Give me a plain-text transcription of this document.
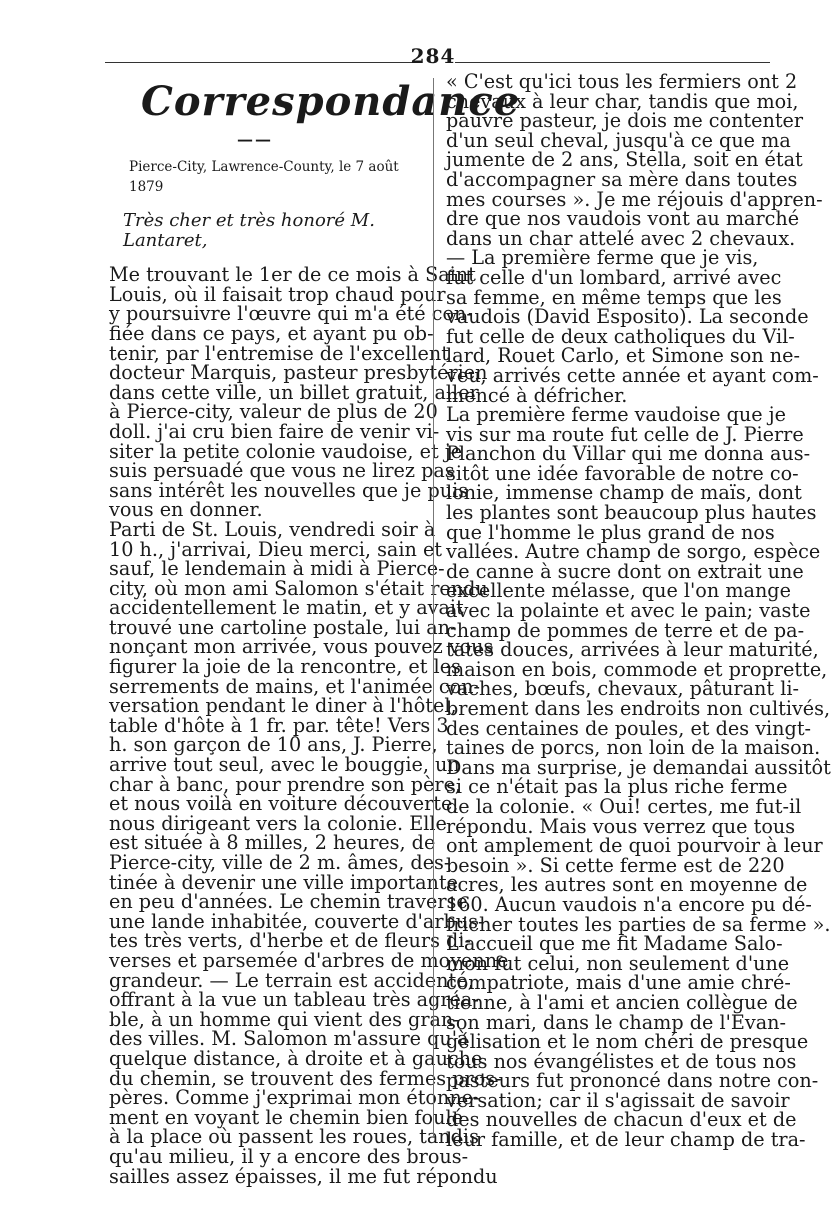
284
Correspondance
——
Pierce-City, Lawrence-County, le 7 août 1879
Très cher et très honoré M. Lantaret,
Me trouvant le 1er de ce mois à Saint
Louis, où il faisait trop chaud pour
y poursuivre l'œuvre qui m'a été con-
fiée dans ce pays, et ayant pu ob-
tenir, par l'entremise de l'excellent
docteur Marquis, pasteur presbytérien
dans cette ville, un billet gratuit, aller
à Pierce-city, valeur de plus de 20
doll. j'ai cru bien faire de venir vi-
siter la petite colonie vaudoise, et je
suis persuadé que vous ne lirez pas
sans intérêt les nouvelles que je puis
vous en donner.
Parti de St. Louis, vendredi soir à
10 h., j'arrivai, Dieu merci, sain et
sauf, le lendemain à midi à Pierce-
city, où mon ami Salomon s'était rendu
accidentellement le matin, et y avait
trouvé une cartoline postale, lui an-
nonçant mon arrivée, vous pouvez vous
figurer la joie de la rencontre, et les
serrements de mains, et l'animée con-
versation pendant le diner à l'hôtel,
table d'hôte à 1 fr. par. tête! Vers 3
h. son garçon de 10 ans, J. Pierre,
arrive tout seul, avec le bouggie, un
char à banc, pour prendre son père,
et nous voilà en voiture découverte,
nous dirigeant vers la colonie. Elle
est située à 8 milles, 2 heures, de
Pierce-city, ville de 2 m. âmes, des-
tinée à devenir une ville importante
en peu d'années. Le chemin traverse
une lande inhabitée, couverte d'arbus-
tes très verts, d'herbe et de fleurs di-
verses et parsemée d'arbres de moyenne
grandeur. — Le terrain est accidenté,
offrant à la vue un tableau très agréa-
ble, à un homme qui vient des gran-
des villes. M. Salomon m'assure qu'à
quelque distance, à droite et à gauche
du chemin, se trouvent des fermes pros-
pères. Comme j'exprimai mon étonne-
ment en voyant le chemin bien foulé
à la place où passent les roues, tandis
qu'au milieu, il y a encore des brous-
sailles assez épaisses, il me fut répondu
« C'est qu'ici tous les fermiers ont 2
chevaux à leur char, tandis que moi,
pauvre pasteur, je dois me contenter
d'un seul cheval, jusqu'à ce que ma
jumente de 2 ans, Stella, soit en état
d'accompagner sa mère dans toutes
mes courses ». Je me réjouis d'appren-
dre que nos vaudois vont au marché
dans un char attelé avec 2 chevaux.
— La première ferme que je vis,
fut celle d'un lombard, arrivé avec
sa femme, en même temps que les
vaudois (David Esposito). La seconde
fut celle de deux catholiques du Vil-
lard, Rouet Carlo, et Simone son ne-
veu, arrivés cette année et ayant com-
mencé à défricher.
La première ferme vaudoise que je
vis sur ma route fut celle de J. Pierre
Planchon du Villar qui me donna aus-
sitôt une idée favorable de notre co-
lonie, immense champ de maïs, dont
les plantes sont beaucoup plus hautes
que l'homme le plus grand de nos
vallées. Autre champ de sorgo, espèce
de canne à sucre dont on extrait une
excellente mélasse, que l'on mange
avec la polainte et avec le pain; vaste
champ de pommes de terre et de pa-
tates douces, arrivées à leur maturité,
maison en bois, commode et proprette,
vaches, bœufs, chevaux, pâturant li-
brement dans les endroits non cultivés,
des centaines de poules, et des vingt-
taines de porcs, non loin de la maison.
Dans ma surprise, je demandai aussitôt
si ce n'était pas la plus riche ferme
de la colonie. « Oui! certes, me fut-il
répondu. Mais vous verrez que tous
ont amplement de quoi pourvoir à leur
besoin ». Si cette ferme est de 220
acres, les autres sont en moyenne de
160. Aucun vaudois n'a encore pu dé-
fricher toutes les parties de sa ferme ».
L'accueil que me fit Madame Salo-
mon fut celui, non seulement d'une
compatriote, mais d'une amie chré-
tienne, à l'ami et ancien collègue de
son mari, dans le champ de l'Evan-
gélisation et le nom chéri de presque
tous nos évangélistes et de tous nos
pasteurs fut prononcé dans notre con-
versation; car il s'agissait de savoir
des nouvelles de chacun d'eux et de
leur famille, et de leur champ de tra-
